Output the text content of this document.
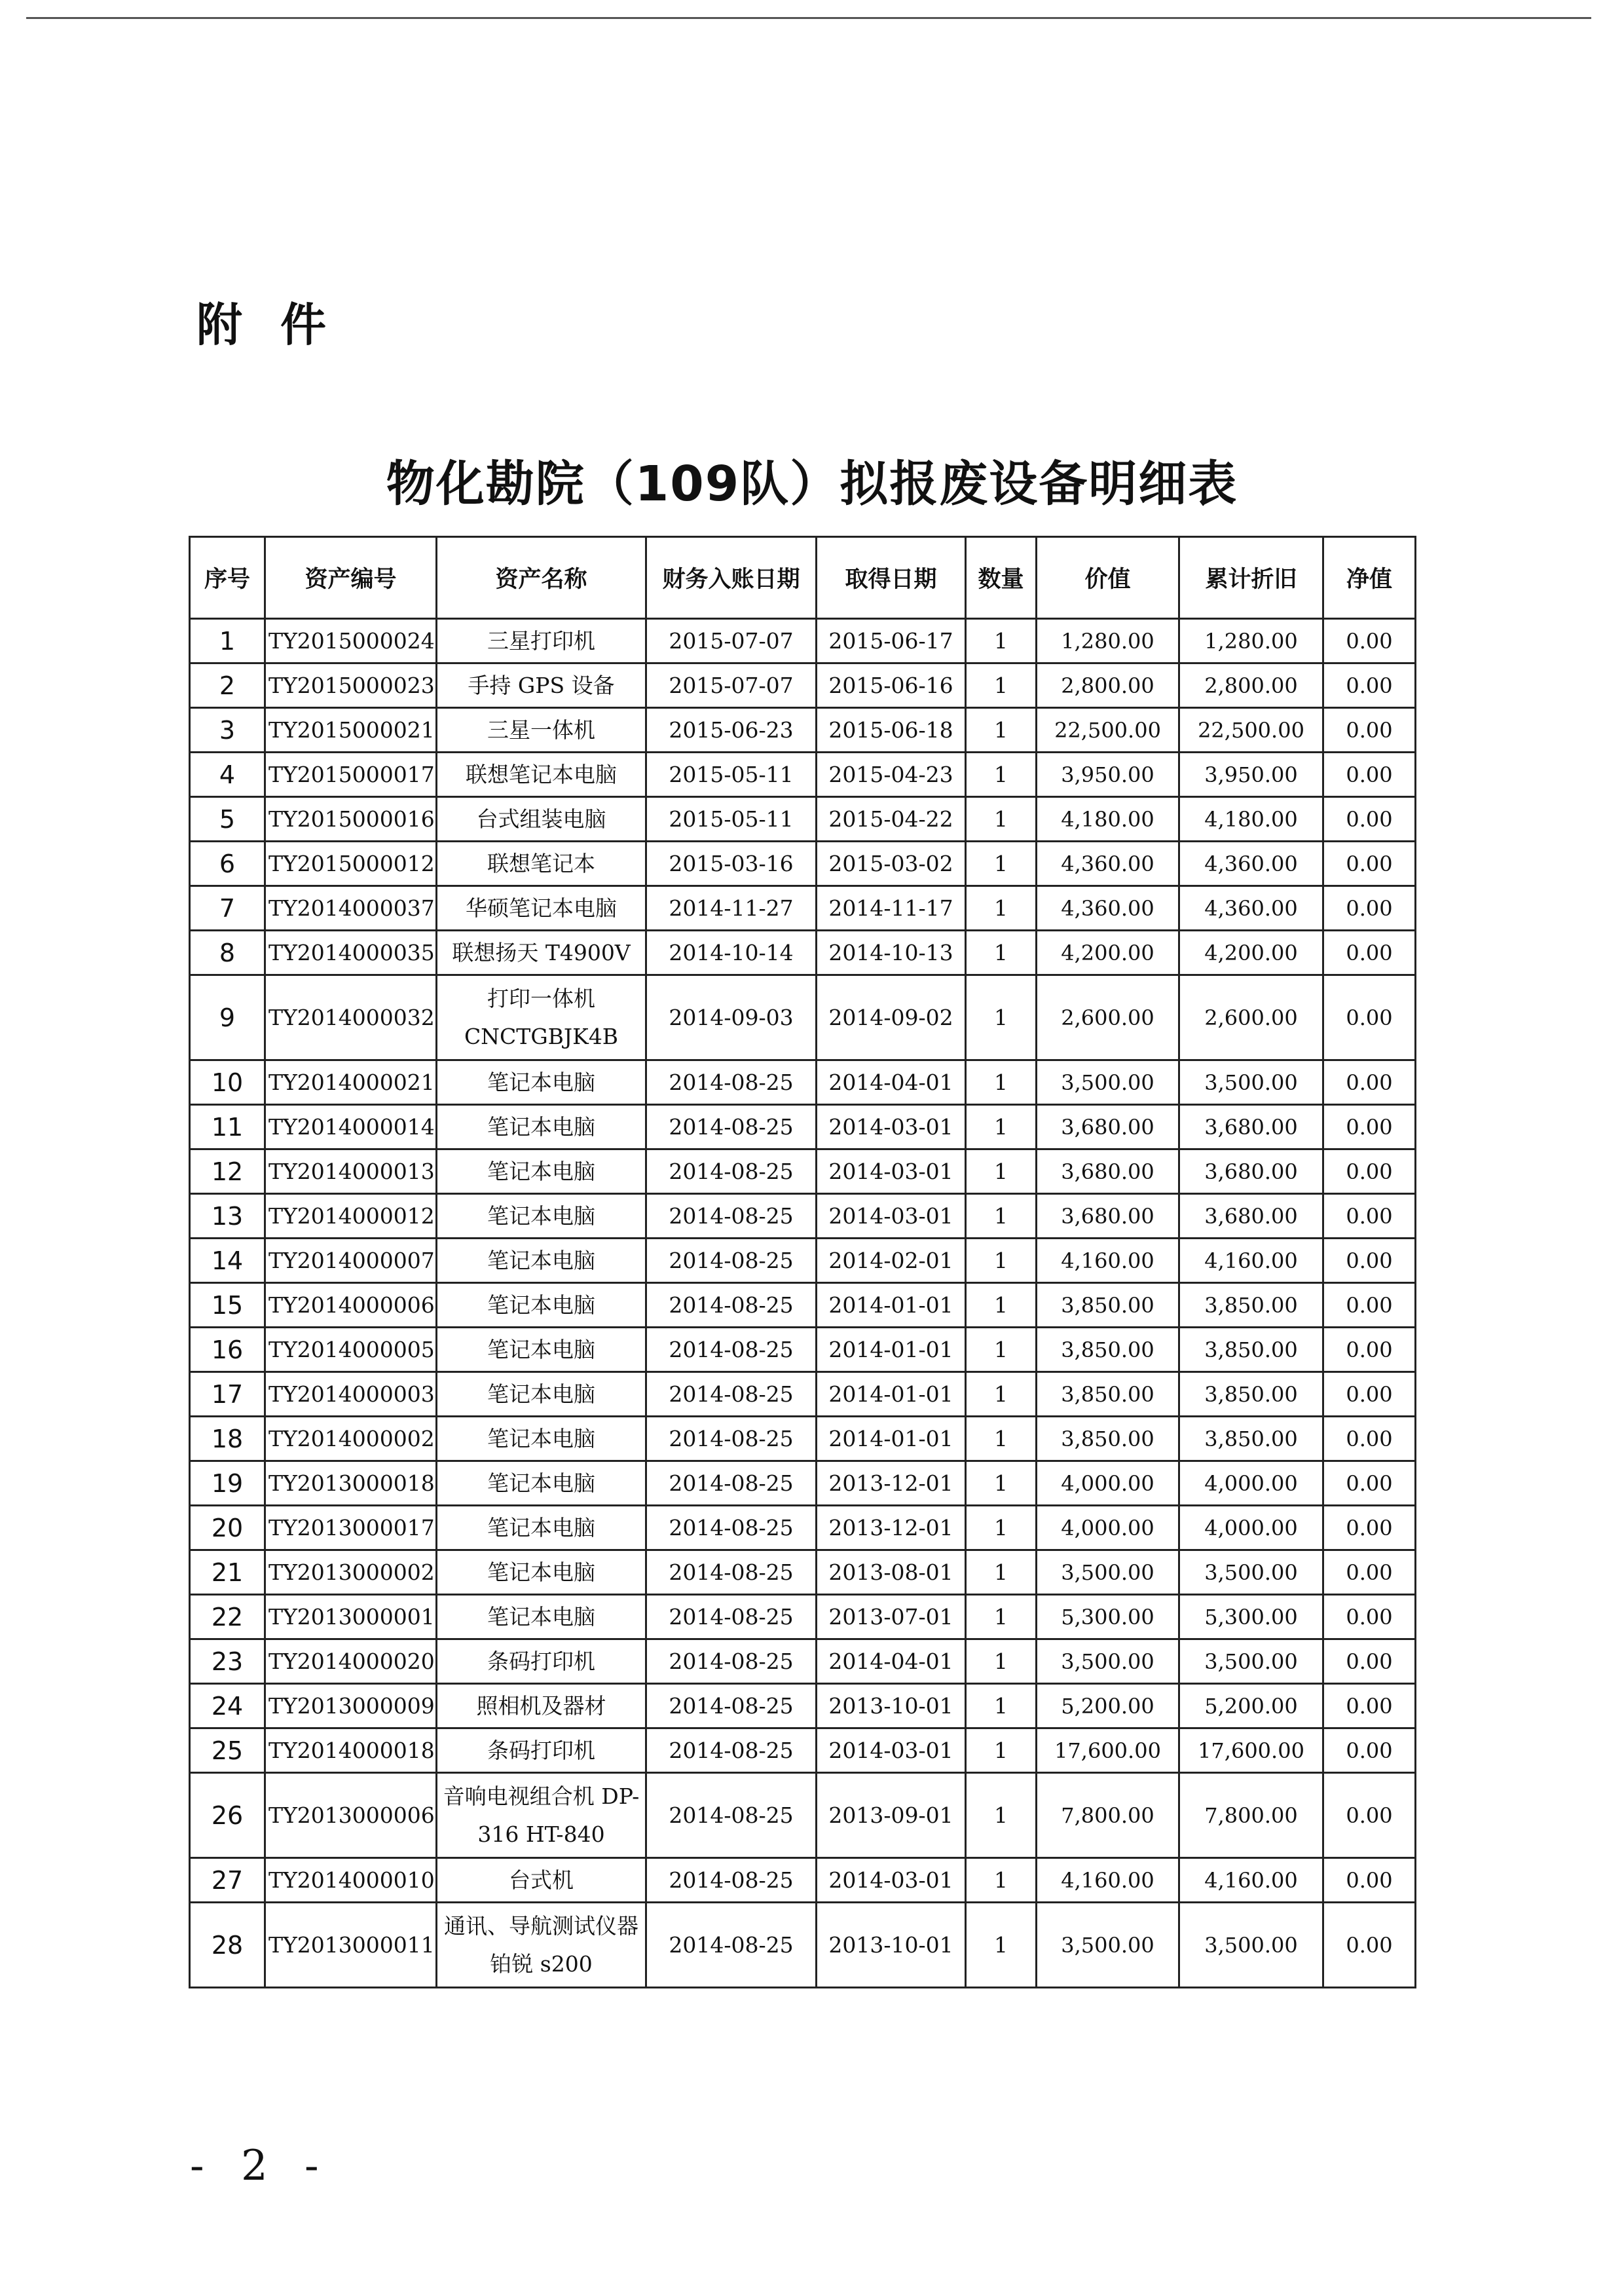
附件
物化勘院（109队）拟报废设备明细表
序号	资产编号	资产名称	财务入账日期	取得日期	数量	价值	累计折旧	净值
1	TY2015000024	三星打印机	2015-07-07	2015-06-17	1	1,280.00	1,280.00	0.00
2	TY2015000023	手持 GPS 设备	2015-07-07	2015-06-16	1	2,800.00	2,800.00	0.00
3	TY2015000021	三星一体机	2015-06-23	2015-06-18	1	22,500.00	22,500.00	0.00
4	TY2015000017	联想笔记本电脑	2015-05-11	2015-04-23	1	3,950.00	3,950.00	0.00
5	TY2015000016	台式组装电脑	2015-05-11	2015-04-22	1	4,180.00	4,180.00	0.00
6	TY2015000012	联想笔记本	2015-03-16	2015-03-02	1	4,360.00	4,360.00	0.00
7	TY2014000037	华硕笔记本电脑	2014-11-27	2014-11-17	1	4,360.00	4,360.00	0.00
8	TY2014000035	联想扬天 T4900V	2014-10-14	2014-10-13	1	4,200.00	4,200.00	0.00
9	TY2014000032	打印一体机 CNCTGBJK4B	2014-09-03	2014-09-02	1	2,600.00	2,600.00	0.00
10	TY2014000021	笔记本电脑	2014-08-25	2014-04-01	1	3,500.00	3,500.00	0.00
11	TY2014000014	笔记本电脑	2014-08-25	2014-03-01	1	3,680.00	3,680.00	0.00
12	TY2014000013	笔记本电脑	2014-08-25	2014-03-01	1	3,680.00	3,680.00	0.00
13	TY2014000012	笔记本电脑	2014-08-25	2014-03-01	1	3,680.00	3,680.00	0.00
14	TY2014000007	笔记本电脑	2014-08-25	2014-02-01	1	4,160.00	4,160.00	0.00
15	TY2014000006	笔记本电脑	2014-08-25	2014-01-01	1	3,850.00	3,850.00	0.00
16	TY2014000005	笔记本电脑	2014-08-25	2014-01-01	1	3,850.00	3,850.00	0.00
17	TY2014000003	笔记本电脑	2014-08-25	2014-01-01	1	3,850.00	3,850.00	0.00
18	TY2014000002	笔记本电脑	2014-08-25	2014-01-01	1	3,850.00	3,850.00	0.00
19	TY2013000018	笔记本电脑	2014-08-25	2013-12-01	1	4,000.00	4,000.00	0.00
20	TY2013000017	笔记本电脑	2014-08-25	2013-12-01	1	4,000.00	4,000.00	0.00
21	TY2013000002	笔记本电脑	2014-08-25	2013-08-01	1	3,500.00	3,500.00	0.00
22	TY2013000001	笔记本电脑	2014-08-25	2013-07-01	1	5,300.00	5,300.00	0.00
23	TY2014000020	条码打印机	2014-08-25	2014-04-01	1	3,500.00	3,500.00	0.00
24	TY2013000009	照相机及器材	2014-08-25	2013-10-01	1	5,200.00	5,200.00	0.00
25	TY2014000018	条码打印机	2014-08-25	2014-03-01	1	17,600.00	17,600.00	0.00
26	TY2013000006	音响电视组合机 DP-316 HT-840	2014-08-25	2013-09-01	1	7,800.00	7,800.00	0.00
27	TY2014000010	台式机	2014-08-25	2014-03-01	1	4,160.00	4,160.00	0.00
28	TY2013000011	通讯、导航测试仪器铂锐 s200	2014-08-25	2013-10-01	1	3,500.00	3,500.00	0.00
- 2 -
